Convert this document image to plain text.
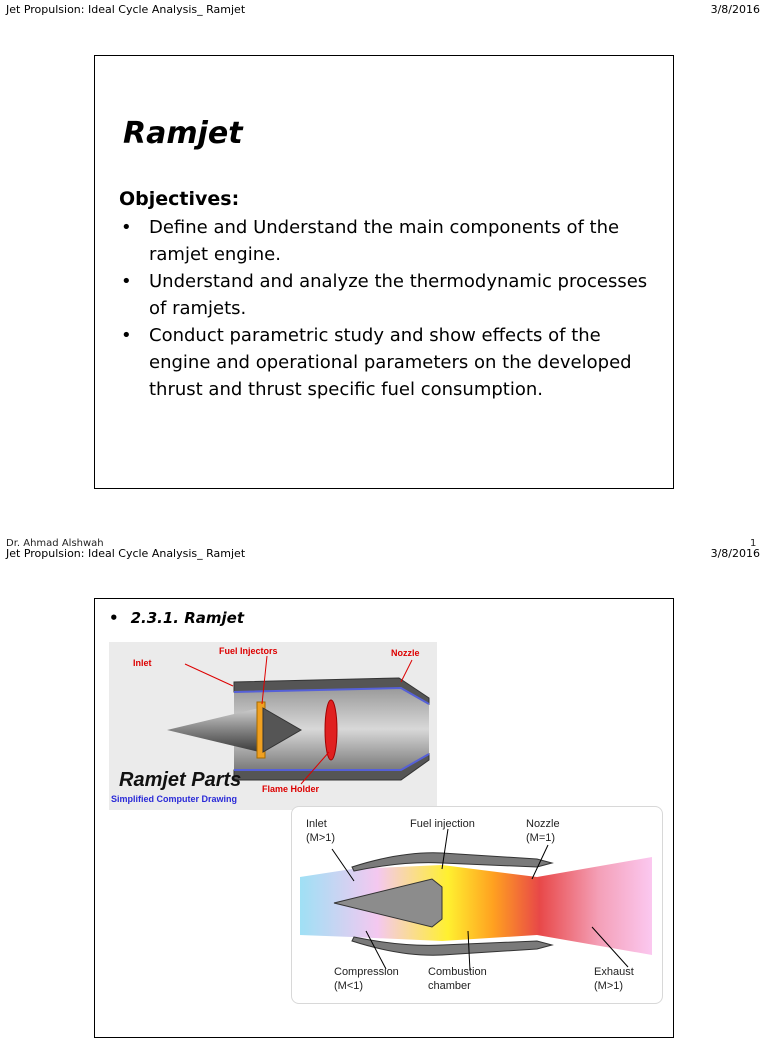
Jet Propulsion: Ideal Cycle Analysis_ Ramjet	3/8/2016
Ramjet
Objectives:
• Define and Understand the main components of the ramjet engine.
• Understand and analyze the thermodynamic processes of ramjets.
• Conduct parametric study and show effects of the engine and operational parameters on the developed thrust and thrust specific fuel consumption.
Dr. Ahmad Alshwah	1
Jet Propulsion: Ideal Cycle Analysis_ Ramjet	3/8/2016
• 2.3.1. Ramjet
Inlet
Fuel Injectors	Nozzle
Flame Holder
Ramjet Parts
Simplified Computer Drawing
Inlet
(M>1)
Fuel injection	Nozzle
(M=1)
Compression
(M<1)
Combustion
chamber
Exhaust
(M>1)
